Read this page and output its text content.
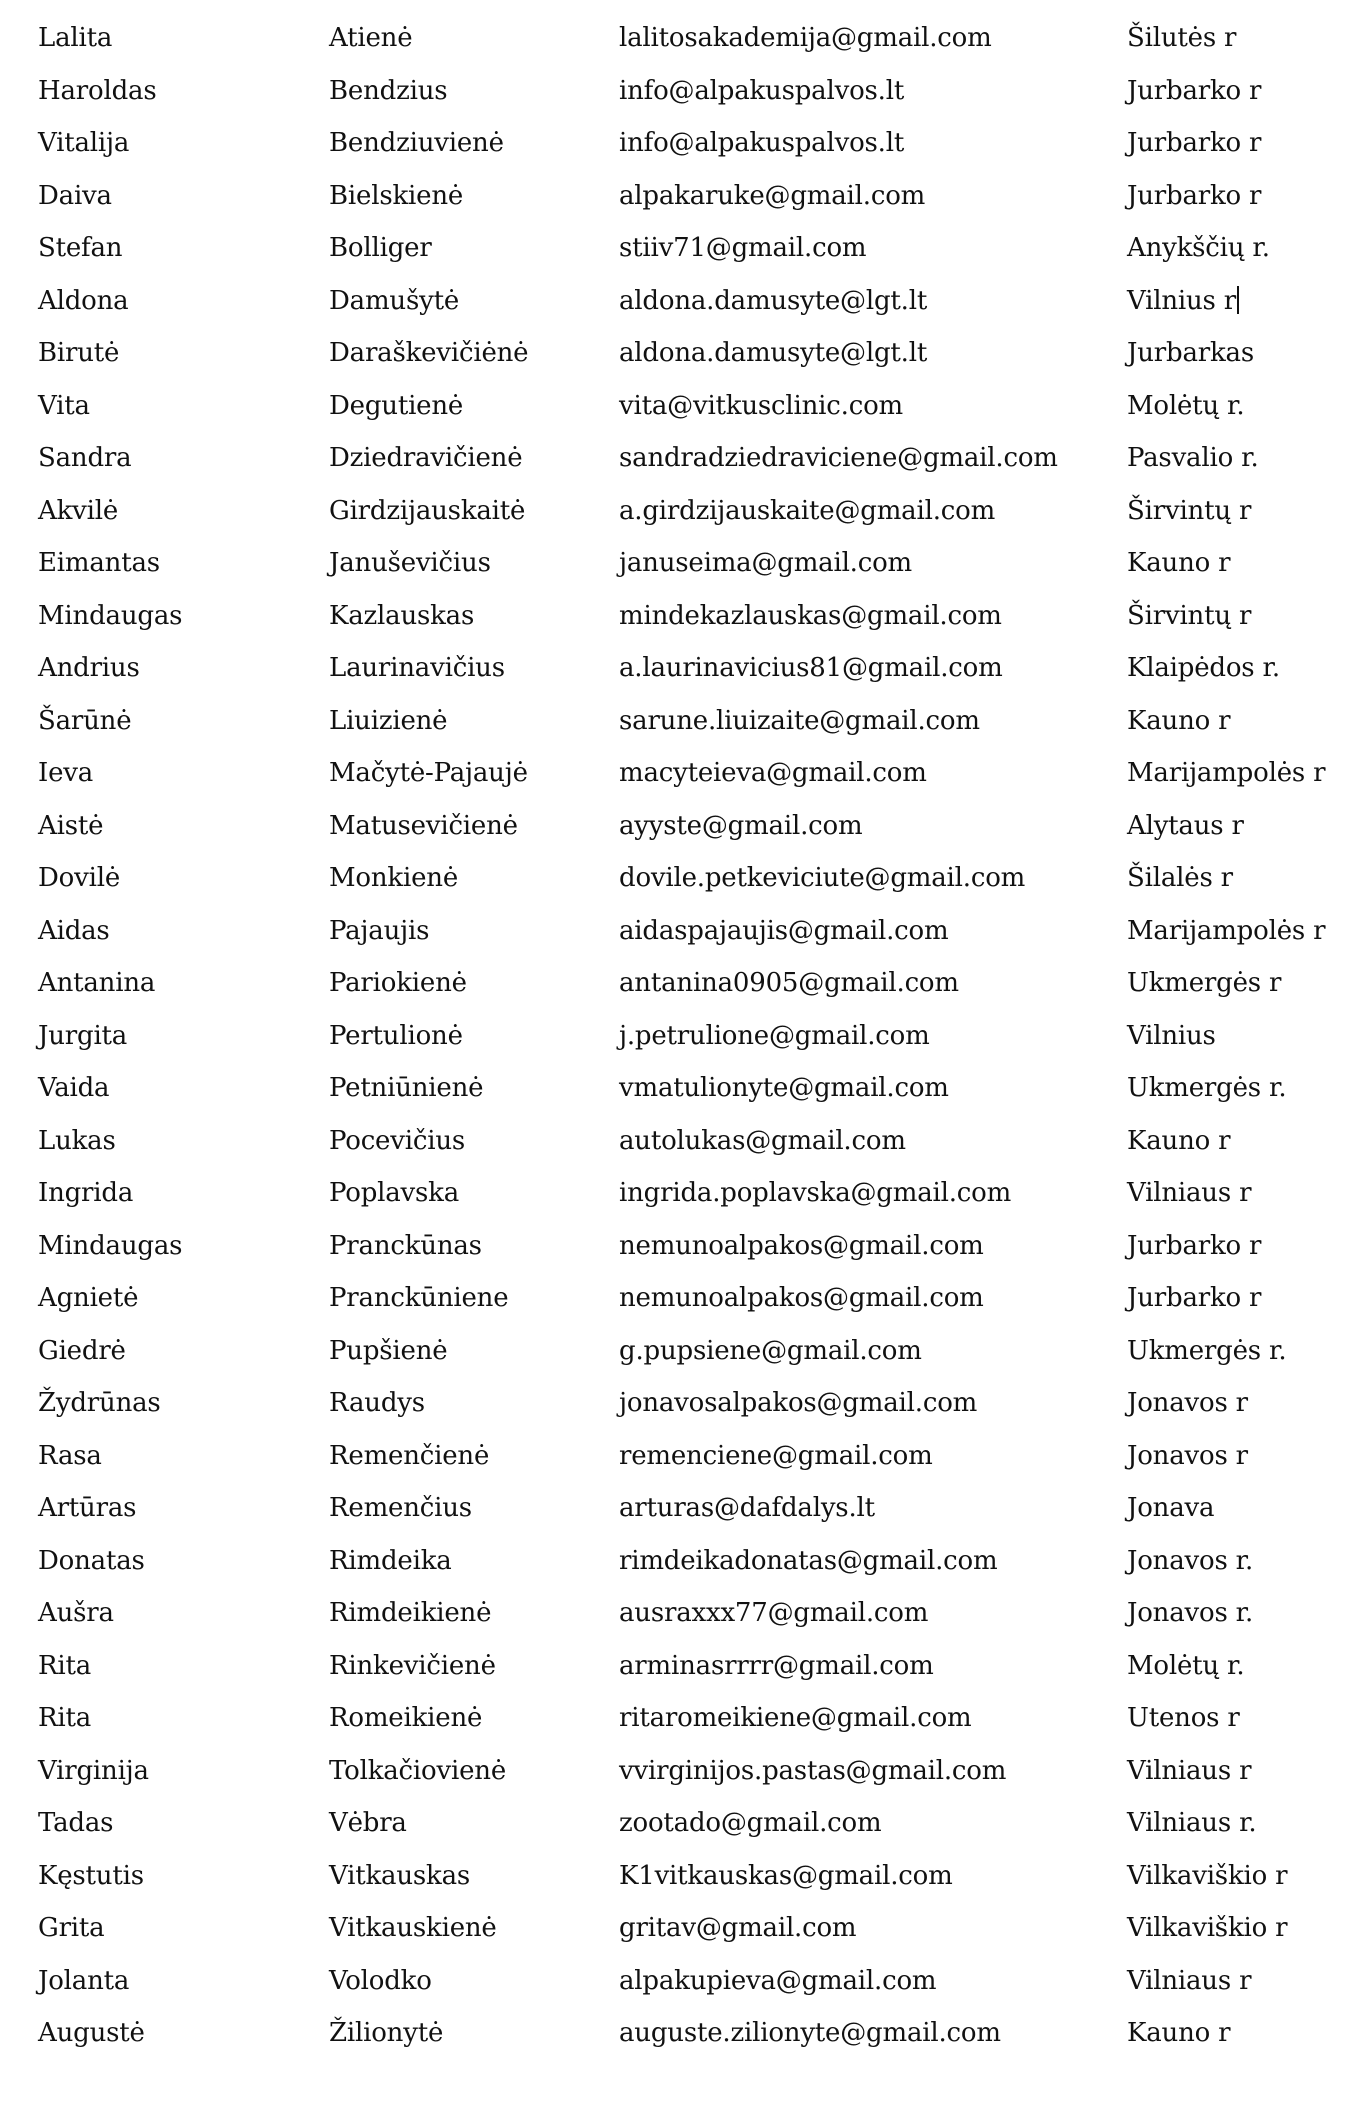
Lalita	Atienė	lalitosakademija@gmail.com	Šilutės r
Haroldas	Bendzius	info@alpakuspalvos.lt	Jurbarko r
Vitalija	Bendziuvienė	info@alpakuspalvos.lt	Jurbarko r
Daiva	Bielskienė	alpakaruke@gmail.com	Jurbarko r
Stefan	Bolliger	stiiv71@gmail.com	Anykščių r.
Aldona	Damušytė	aldona.damusyte@lgt.lt	Vilnius r
Birutė	Daraškevičiėnė	aldona.damusyte@lgt.lt	Jurbarkas
Vita	Degutienė	vita@vitkusclinic.com	Molėtų r.
Sandra	Dziedravičienė	sandradziedraviciene@gmail.com	Pasvalio r.
Akvilė	Girdzijauskaitė	a.girdzijauskaite@gmail.com	Širvintų r
Eimantas	Januševičius	januseima@gmail.com	Kauno r
Mindaugas	Kazlauskas	mindekazlauskas@gmail.com	Širvintų r
Andrius	Laurinavičius	a.laurinavicius81@gmail.com	Klaipėdos r.
Šarūnė	Liuizienė	sarune.liuizaite@gmail.com	Kauno r
Ieva	Mačytė-Pajaujė	macyteieva@gmail.com	Marijampolės r
Aistė	Matusevičienė	ayyste@gmail.com	Alytaus r
Dovilė	Monkienė	dovile.petkeviciute@gmail.com	Šilalės r
Aidas	Pajaujis	aidaspajaujis@gmail.com	Marijampolės r
Antanina	Pariokienė	antanina0905@gmail.com	Ukmergės r
Jurgita	Pertulionė	j.petrulione@gmail.com	Vilnius
Vaida	Petniūnienė	vmatulionyte@gmail.com	Ukmergės r.
Lukas	Pocevičius	autolukas@gmail.com	Kauno r
Ingrida	Poplavska	ingrida.poplavska@gmail.com	Vilniaus r
Mindaugas	Pranckūnas	nemunoalpakos@gmail.com	Jurbarko r
Agnietė	Pranckūniene	nemunoalpakos@gmail.com	Jurbarko r
Giedrė	Pupšienė	g.pupsiene@gmail.com	Ukmergės r.
Žydrūnas	Raudys	jonavosalpakos@gmail.com	Jonavos r
Rasa	Remenčienė	remenciene@gmail.com	Jonavos r
Artūras	Remenčius	arturas@dafdalys.lt	Jonava
Donatas	Rimdeika	rimdeikadonatas@gmail.com	Jonavos r.
Aušra	Rimdeikienė	ausraxxx77@gmail.com	Jonavos r.
Rita	Rinkevičienė	arminasrrrr@gmail.com	Molėtų r.
Rita	Romeikienė	ritaromeikiene@gmail.com	Utenos r
Virginija	Tolkačiovienė	vvirginijos.pastas@gmail.com	Vilniaus r
Tadas	Vėbra	zootado@gmail.com	Vilniaus r.
Kęstutis	Vitkauskas	K1vitkauskas@gmail.com	Vilkaviškio r
Grita	Vitkauskienė	gritav@gmail.com	Vilkaviškio r
Jolanta	Volodko	alpakupieva@gmail.com	Vilniaus r
Augustė	Žilionytė	auguste.zilionyte@gmail.com	Kauno r
